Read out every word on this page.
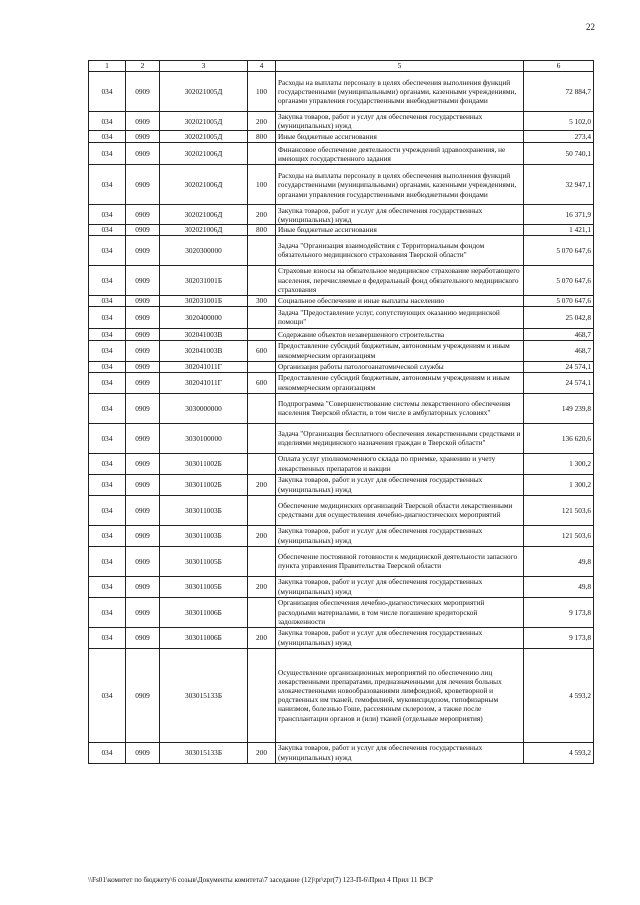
22
1	2	3	4	5	6
034	0909	302021005Д	100	Расходы на выплаты персоналу в целях обеспечения выполнения функций государственными (муниципальными) органами, казенными учреждениями, органами управления государственными внебюджетными фондами	72 884,7
034	0909	302021005Д	200	Закупка товаров, работ и услуг для обеспечения государственных (муниципальных) нужд	5 102,0
034	0909	302021005Д	800	Иные бюджетные ассигнования	273,4
034	0909	302021006Д		Финансовое обеспечение деятельности учреждений здравоохранения, не имеющих государственного задания	50 740,1
034	0909	302021006Д	100	Расходы на выплаты персоналу в целях обеспечения выполнения функций государственными (муниципальными) органами, казенными учреждениями, органами управления государственными внебюджетными фондами	32 947,1
034	0909	302021006Д	200	Закупка товаров, работ и услуг для обеспечения государственных (муниципальных) нужд	16 371,9
034	0909	302021006Д	800	Иные бюджетные ассигнования	1 421,1
034	0909	3020300000		Задача "Организация взаимодействия с Территориальным фондом обязательного медицинского страхования Тверской области"	5 070 647,6
034	0909	302031001Б		Страховые взносы на обязательное медицинское страхование неработающего населения, перечисляемые в федеральный фонд обязательного медицинского страхования	5 070 647,6
034	0909	302031001Б	300	Социальное обеспечение и иные выплаты населению	5 070 647,6
034	0909	3020400000		Задача "Предоставление услуг, сопутствующих оказанию медицинской помощи"	25 042,8
034	0909	302041003В		Содержание объектов незавершенного строительства	468,7
034	0909	302041003В	600	Предоставление субсидий бюджетным, автономным учреждениям и иным некоммерческим организациям	468,7
034	0909	302041011Г		Организация работы патологоанатомической службы	24 574,1
034	0909	302041011Г	600	Предоставление субсидий бюджетным, автономным учреждениям и иным некоммерческим организациям	24 574,1
034	0909	3030000000		Подпрограмма "Совершенствование системы лекарственного обеспечения населения Тверской области, в том числе в амбулаторных условиях"	149 239,8
034	0909	3030100000		Задача "Организация бесплатного обеспечения лекарственными средствами и изделиями медицинского назначения граждан в Тверской области"	136 620,6
034	0909	303011002Б		Оплата услуг уполномоченного склада по приемке, хранению и учету лекарственных препаратов и вакцин	1 300,2
034	0909	303011002Б	200	Закупка товаров, работ и услуг для обеспечения государственных (муниципальных) нужд	1 300,2
034	0909	303011003Б		Обеспечение медицинских организаций Тверской области лекарственными средствами для осуществления лечебно-диагностических мероприятий	121 503,6
034	0909	303011003Б	200	Закупка товаров, работ и услуг для обеспечения государственных (муниципальных) нужд	121 503,6
034	0909	303011005Б		Обеспечение постоянной готовности к медицинской деятельности запасного пункта управления Правительства Тверской области	49,8
034	0909	303011005Б	200	Закупка товаров, работ и услуг для обеспечения государственных (муниципальных) нужд	49,8
034	0909	303011006Б		Организация обеспечения лечебно-диагностических мероприятий расходными материалами, в том числе погашение кредиторской задолженности	9 173,8
034	0909	303011006Б	200	Закупка товаров, работ и услуг для обеспечения государственных (муниципальных) нужд	9 173,8
034	0909	303015133Б		Осуществление организационных мероприятий по обеспечению лиц лекарственными препаратами, предназначенными для лечения больных злокачественными новообразованиями лимфоидной, кроветворной и родственных им тканей, гемофилией, муковисцидозом, гипофизарным нанизмом, болезнью Гоше, рассеянным склерозом, а также после трансплантации органов и (или) тканей (отдельные мероприятия)	4 593,2
034	0909	303015133Б	200	Закупка товаров, работ и услуг для обеспечения государственных (муниципальных) нужд	4 593,2
\\Fs01\комитет по бюджету\6 созыв\Документы комитета\7 заседание (12)\pr\zpr(7) 123-П-6\Прил 4 Прил 11 ВСР
